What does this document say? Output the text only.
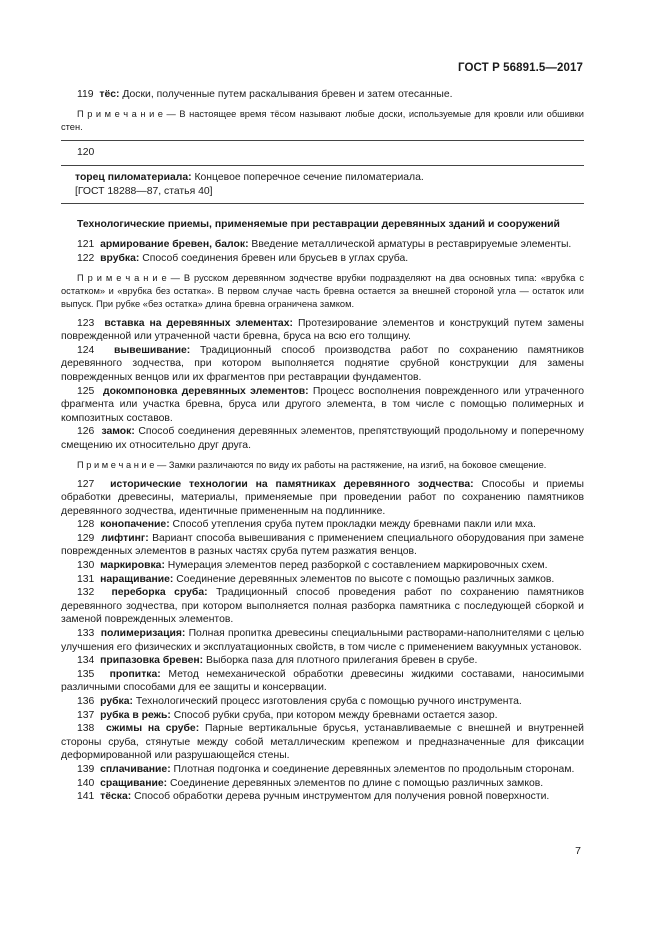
ГОСТ Р 56891.5—2017

119 тёс: Доски, полученные путем раскалывания бревен и затем отесанные.

П р и м е ч а н и е — В настоящее время тёсом называют любые доски, используемые для кровли или обшивки стен.

120

торец пиломатериала: Концевое поперечное сечение пиломатериала.

[ГОСТ 18288—87, статья 40]

Технологические приемы, применяемые при реставрации деревянных зданий и сооружений

121 армирование бревен, балок: Введение металлической арматуры в реставрируемые элементы.

122 врубка: Способ соединения бревен или брусьев в углах сруба.

П р и м е ч а н и е — В русском деревянном зодчестве врубки подразделяют на два основных типа: «врубка с остатком» и «врубка без остатка». В первом случае часть бревна остается за внешней стороной угла — остаток или выпуск. При рубке «без остатка» длина бревна ограничена замком.

123 вставка на деревянных элементах: Протезирование элементов и конструкций путем замены поврежденной или утраченной части бревна, бруса на всю его толщину.

124 вывешивание: Традиционный способ производства работ по сохранению памятников деревянного зодчества, при котором выполняется поднятие срубной конструкции для замены поврежденных венцов или их фрагментов при реставрации фундаментов.

125 докомпоновка деревянных элементов: Процесс восполнения поврежденного или утраченного фрагмента или участка бревна, бруса или другого элемента, в том числе с помощью полимерных и композитных составов.

126 замок: Способ соединения деревянных элементов, препятствующий продольному и поперечному смещению их относительно друг друга.

П р и м е ч а н и е — Замки различаются по виду их работы на растяжение, на изгиб, на боковое смещение.

127 исторические технологии на памятниках деревянного зодчества: Способы и приемы обработки древесины, материалы, применяемые при проведении работ по сохранению памятников деревянного зодчества, идентичные примененным на подлиннике.

128 конопачение: Способ утепления сруба путем прокладки между бревнами пакли или мха.

129 лифтинг: Вариант способа вывешивания с применением специального оборудования при замене поврежденных элементов в разных частях сруба путем разжатия венцов.

130 маркировка: Нумерация элементов перед разборкой с составлением маркировочных схем.

131 наращивание: Соединение деревянных элементов по высоте с помощью различных замков.

132 переборка сруба: Традиционный способ проведения работ по сохранению памятников деревянного зодчества, при котором выполняется полная разборка памятника с последующей сборкой и заменой поврежденных элементов.

133 полимеризация: Полная пропитка древесины специальными растворами-наполнителями с целью улучшения его физических и эксплуатационных свойств, в том числе с применением вакуумных установок.

134 припазовка бревен: Выборка паза для плотного прилегания бревен в срубе.

135 пропитка: Метод немеханической обработки древесины жидкими составами, наносимыми различными способами для ее защиты и консервации.

136  рубка: Технологический процесс изготовления сруба с помощью ручного инструмента.

137 рубка в режь: Способ рубки сруба, при котором между бревнами остается зазор.

138 сжимы на срубе: Парные вертикальные брусья, устанавливаемые с внешней и внутренней стороны сруба, стянутые между собой металлическим крепежом и предназначенные для фиксации деформированной или разрушающейся стены.

139 сплачивание: Плотная подгонка и соединение деревянных элементов по продольным сторонам.

140 сращивание: Соединение деревянных элементов по длине с помощью различных замков.

141 тёска: Способ обработки дерева ручным инструментом для получения ровной поверхности.

7
